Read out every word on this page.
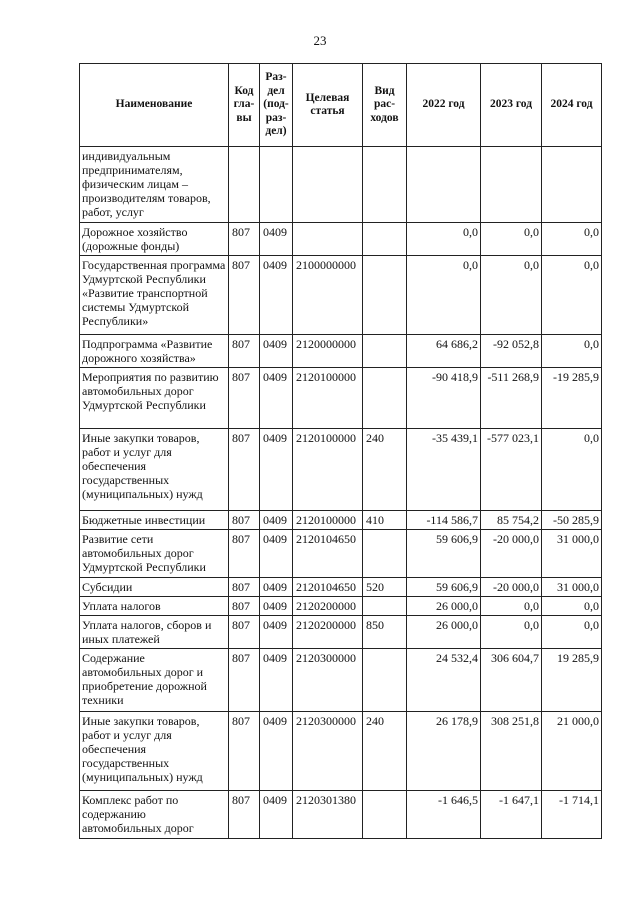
23
Наименование	Код гла-вы	Раз-дел (под-раз-дел)	Целевая статья	Вид рас-ходов	2022 год	2023 год	2024 год
индивидуальным предпринимателям, физическим лицам – производителям товаров, работ, услуг							
Дорожное хозяйство (дорожные фонды)	807	0409			0,0	0,0	0,0
Государственная программа Удмуртской Республики «Развитие транспортной системы Удмуртской Республики»	807	0409	2100000000		0,0	0,0	0,0
Подпрограмма «Развитие дорожного хозяйства»	807	0409	2120000000		64 686,2	-92 052,8	0,0
Мероприятия по развитию автомобильных дорог Удмуртской Республики	807	0409	2120100000		-90 418,9	-511 268,9	-19 285,9
Иные закупки товаров, работ и услуг для обеспечения государственных (муниципальных) нужд	807	0409	2120100000	240	-35 439,1	-577 023,1	0,0
Бюджетные инвестиции	807	0409	2120100000	410	-114 586,7	85 754,2	-50 285,9
Развитие сети автомобильных дорог Удмуртской Республики	807	0409	2120104650		59 606,9	-20 000,0	31 000,0
Субсидии	807	0409	2120104650	520	59 606,9	-20 000,0	31 000,0
Уплата налогов	807	0409	2120200000		26 000,0	0,0	0,0
Уплата налогов, сборов и иных платежей	807	0409	2120200000	850	26 000,0	0,0	0,0
Содержание автомобильных дорог и приобретение дорожной техники	807	0409	2120300000		24 532,4	306 604,7	19 285,9
Иные закупки товаров, работ и услуг для обеспечения государственных (муниципальных) нужд	807	0409	2120300000	240	26 178,9	308 251,8	21 000,0
Комплекс работ по содержанию автомобильных дорог	807	0409	2120301380		-1 646,5	-1 647,1	-1 714,1
